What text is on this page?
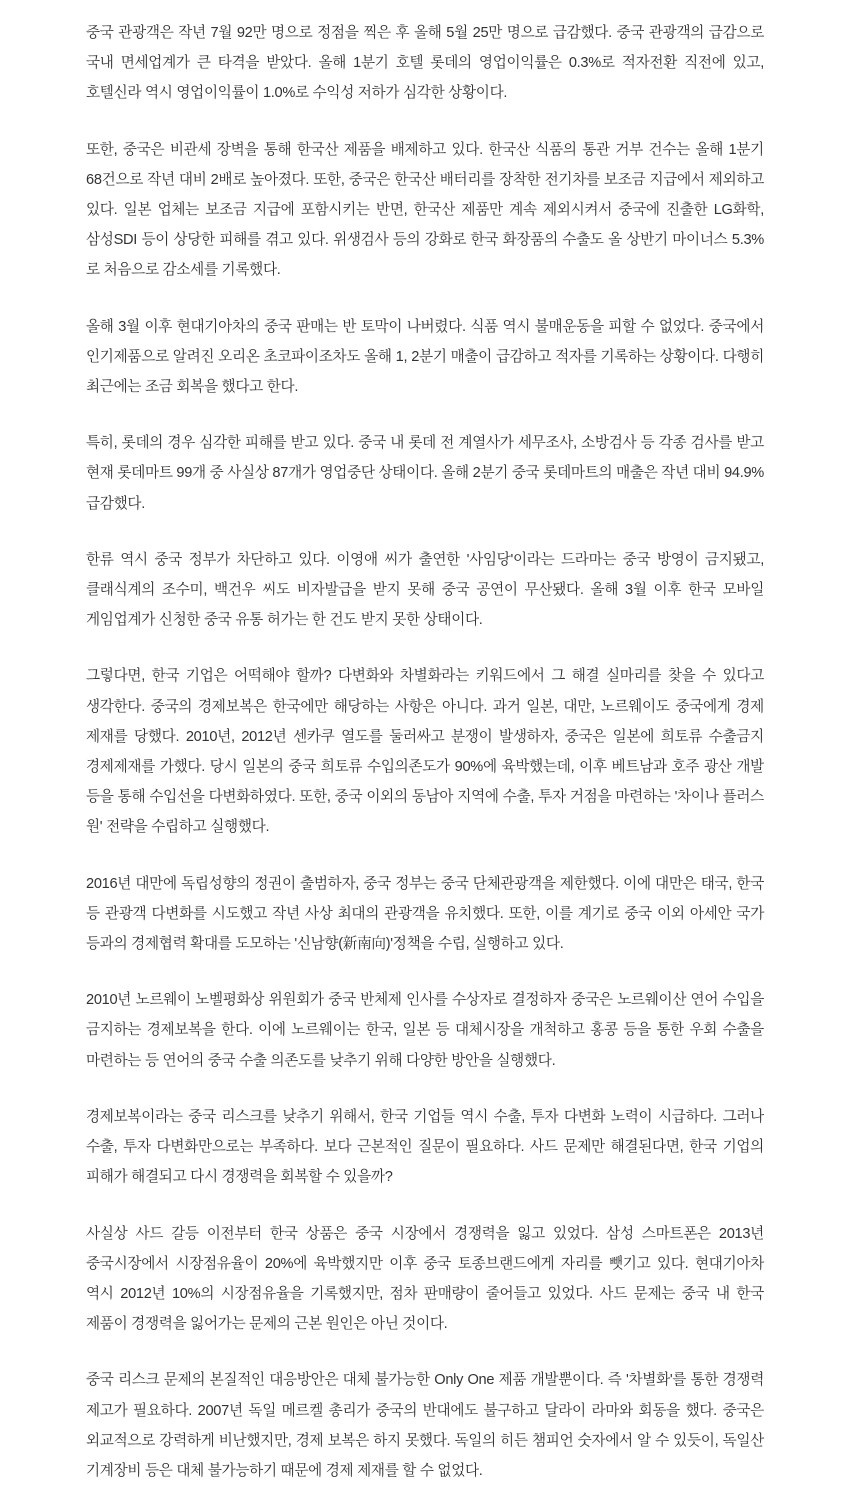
중국 관광객은 작년 7월 92만 명으로 정점을 찍은 후 올해 5월 25만 명으로 급감했다. 중국 관광객의 급감으로 국내 면세업계가 큰 타격을 받았다. 올해 1분기 호텔 롯데의 영업이익률은 0.3%로 적자전환 직전에 있고, 호텔신라 역시 영업이익률이 1.0%로 수익성 저하가 심각한 상황이다.

또한, 중국은 비관세 장벽을 통해 한국산 제품을 배제하고 있다. 한국산 식품의 통관 거부 건수는 올해 1분기 68건으로 작년 대비 2배로 높아졌다. 또한, 중국은 한국산 배터리를 장착한 전기차를 보조금 지급에서 제외하고 있다. 일본 업체는 보조금 지급에 포함시키는 반면, 한국산 제품만 계속 제외시켜서 중국에 진출한 LG화학, 삼성SDI 등이 상당한 피해를 겪고 있다. 위생검사 등의 강화로 한국 화장품의 수출도 올 상반기 마이너스 5.3%로 처음으로 감소세를 기록했다.

올해 3월 이후 현대기아차의 중국 판매는 반 토막이 나버렸다. 식품 역시 불매운동을 피할 수 없었다. 중국에서 인기제품으로 알려진 오리온 초코파이조차도 올해 1, 2분기 매출이 급감하고 적자를 기록하는 상황이다. 다행히 최근에는 조금 회복을 했다고 한다.

특히, 롯데의 경우 심각한 피해를 받고 있다. 중국 내 롯데 전 계열사가 세무조사, 소방검사 등 각종 검사를 받고 현재 롯데마트 99개 중 사실상 87개가 영업중단 상태이다. 올해 2분기 중국 롯데마트의 매출은 작년 대비 94.9% 급감했다.

한류 역시 중국 정부가 차단하고 있다. 이영애 씨가 출연한 '사임당'이라는 드라마는 중국 방영이 금지됐고, 클래식계의 조수미, 백건우 씨도 비자발급을 받지 못해 중국 공연이 무산됐다. 올해 3월 이후 한국 모바일 게임업계가 신청한 중국 유통 허가는 한 건도 받지 못한 상태이다.

그렇다면, 한국 기업은 어떡해야 할까? 다변화와 차별화라는 키워드에서 그 해결 실마리를 찾을 수 있다고 생각한다. 중국의 경제보복은 한국에만 해당하는 사항은 아니다. 과거 일본, 대만, 노르웨이도 중국에게 경제 제재를 당했다. 2010년, 2012년 센카쿠 열도를 둘러싸고 분쟁이 발생하자, 중국은 일본에 희토류 수출금지 경제제재를 가했다. 당시 일본의 중국 희토류 수입의존도가 90%에 육박했는데, 이후 베트남과 호주 광산 개발 등을 통해 수입선을 다변화하였다. 또한, 중국 이외의 동남아 지역에 수출, 투자 거점을 마련하는 '차이나 플러스 원' 전략을 수립하고 실행했다.

2016년 대만에 독립성향의 정권이 출범하자, 중국 정부는 중국 단체관광객을 제한했다. 이에 대만은 태국, 한국 등 관광객 다변화를 시도했고 작년 사상 최대의 관광객을 유치했다. 또한, 이를 계기로 중국 이외 아세안 국가 등과의 경제협력 확대를 도모하는 '신남향(新南向)'정책을 수립, 실행하고 있다.

2010년 노르웨이 노벨평화상 위원회가 중국 반체제 인사를 수상자로 결정하자 중국은 노르웨이산 연어 수입을 금지하는 경제보복을 한다. 이에 노르웨이는 한국, 일본 등 대체시장을 개척하고 홍콩 등을 통한 우회 수출을 마련하는 등 연어의 중국 수출 의존도를 낮추기 위해 다양한 방안을 실행했다.

경제보복이라는 중국 리스크를 낮추기 위해서, 한국 기업들 역시 수출, 투자 다변화 노력이 시급하다. 그러나 수출, 투자 다변화만으로는 부족하다. 보다 근본적인 질문이 필요하다. 사드 문제만 해결된다면, 한국 기업의 피해가 해결되고 다시 경쟁력을 회복할 수 있을까?

사실상 사드 갈등 이전부터 한국 상품은 중국 시장에서 경쟁력을 잃고 있었다. 삼성 스마트폰은 2013년 중국시장에서 시장점유율이 20%에 육박했지만 이후 중국 토종브랜드에게 자리를 뺏기고 있다. 현대기아차 역시 2012년 10%의 시장점유율을 기록했지만, 점차 판매량이 줄어들고 있었다. 사드 문제는 중국 내 한국 제품이 경쟁력을 잃어가는 문제의 근본 원인은 아닌 것이다.

중국 리스크 문제의 본질적인 대응방안은 대체 불가능한 Only One 제품 개발뿐이다. 즉 '차별화'를 통한 경쟁력 제고가 필요하다. 2007년 독일 메르켈 총리가 중국의 반대에도 불구하고 달라이 라마와 회동을 했다. 중국은 외교적으로 강력하게 비난했지만, 경제 보복은 하지 못했다. 독일의 히든 챔피언 숫자에서 알 수 있듯이, 독일산 기계장비 등은 대체 불가능하기 때문에 경제 제재를 할 수 없었다.
